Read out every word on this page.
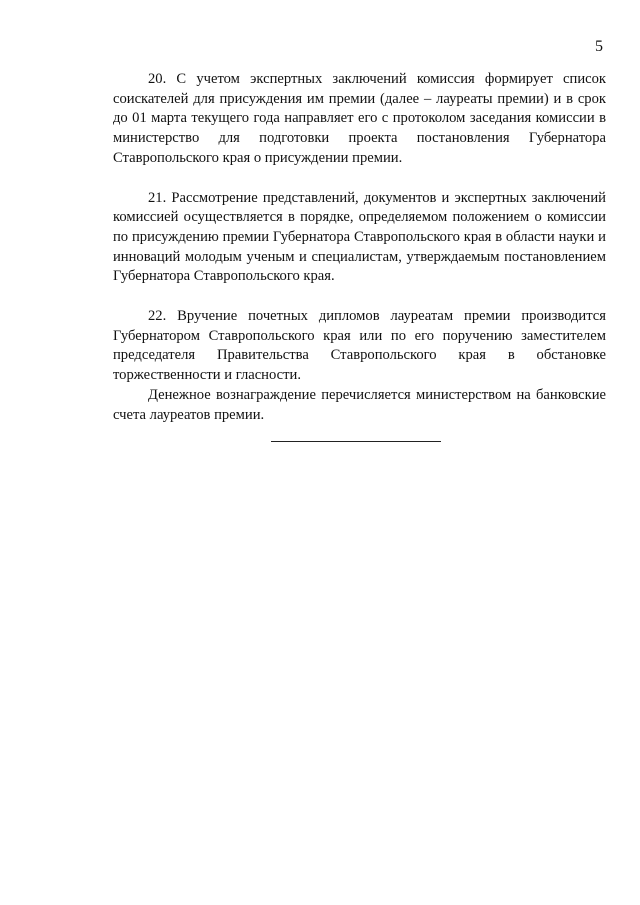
5

20. С учетом экспертных заключений комиссия формирует список соискателей для присуждения им премии (далее – лауреаты премии) и в срок до 01 марта текущего года направляет его с протоколом заседания комиссии в министерство для подготовки проекта постановления Губернатора Ставропольского края о присуждении премии.

21. Рассмотрение представлений, документов и экспертных заключений комиссией осуществляется в порядке, определяемом положением о комиссии по присуждению премии Губернатора Ставропольского края в области науки и инноваций молодым ученым и специалистам, утверждаемым постановлением Губернатора Ставропольского края.

22. Вручение почетных дипломов лауреатам премии производится Губернатором Ставропольского края или по его поручению заместителем председателя Правительства Ставропольского края в обстановке торжественности и гласности.

Денежное вознаграждение перечисляется министерством на банковские счета лауреатов премии.
